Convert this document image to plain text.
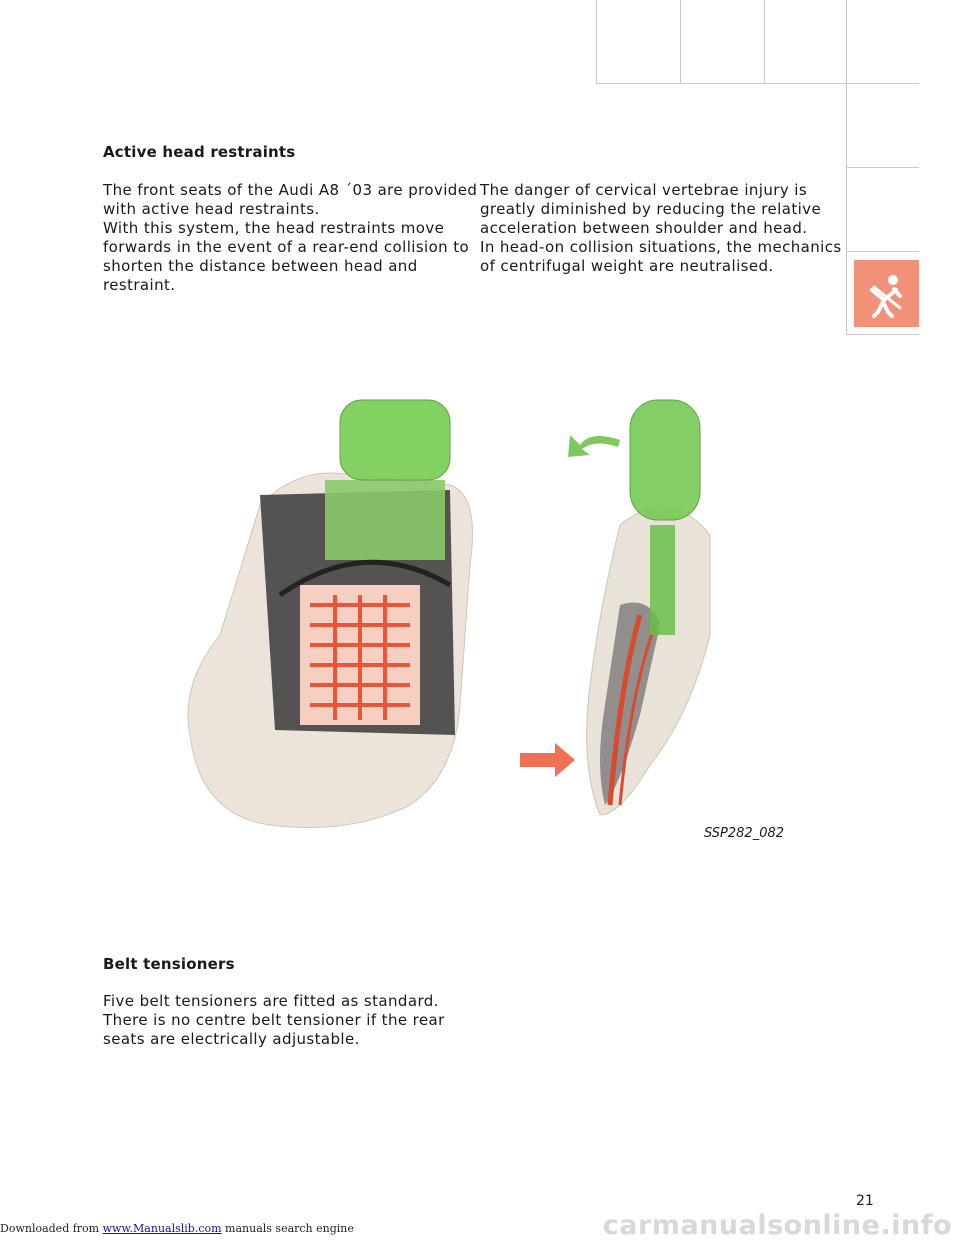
Active head restraints

The front seats of the Audi A8 ´03 are provided

with active head restraints.

With this system, the head restraints move

forwards in the event of a rear-end collision to

shorten the distance between head and

restraint.

The danger of cervical vertebrae injury is

greatly diminished by reducing the relative

acceleration between shoulder and head.

In head-on collision situations, the mechanics

of centrifugal weight are neutralised.

SSP282_082
Belt tensioners

Five belt tensioners are fitted as standard.

There is no centre belt tensioner if the rear

seats are electrically adjustable.

21
Downloaded from www.Manualslib.com manuals search engine	carmanualsonline.info
